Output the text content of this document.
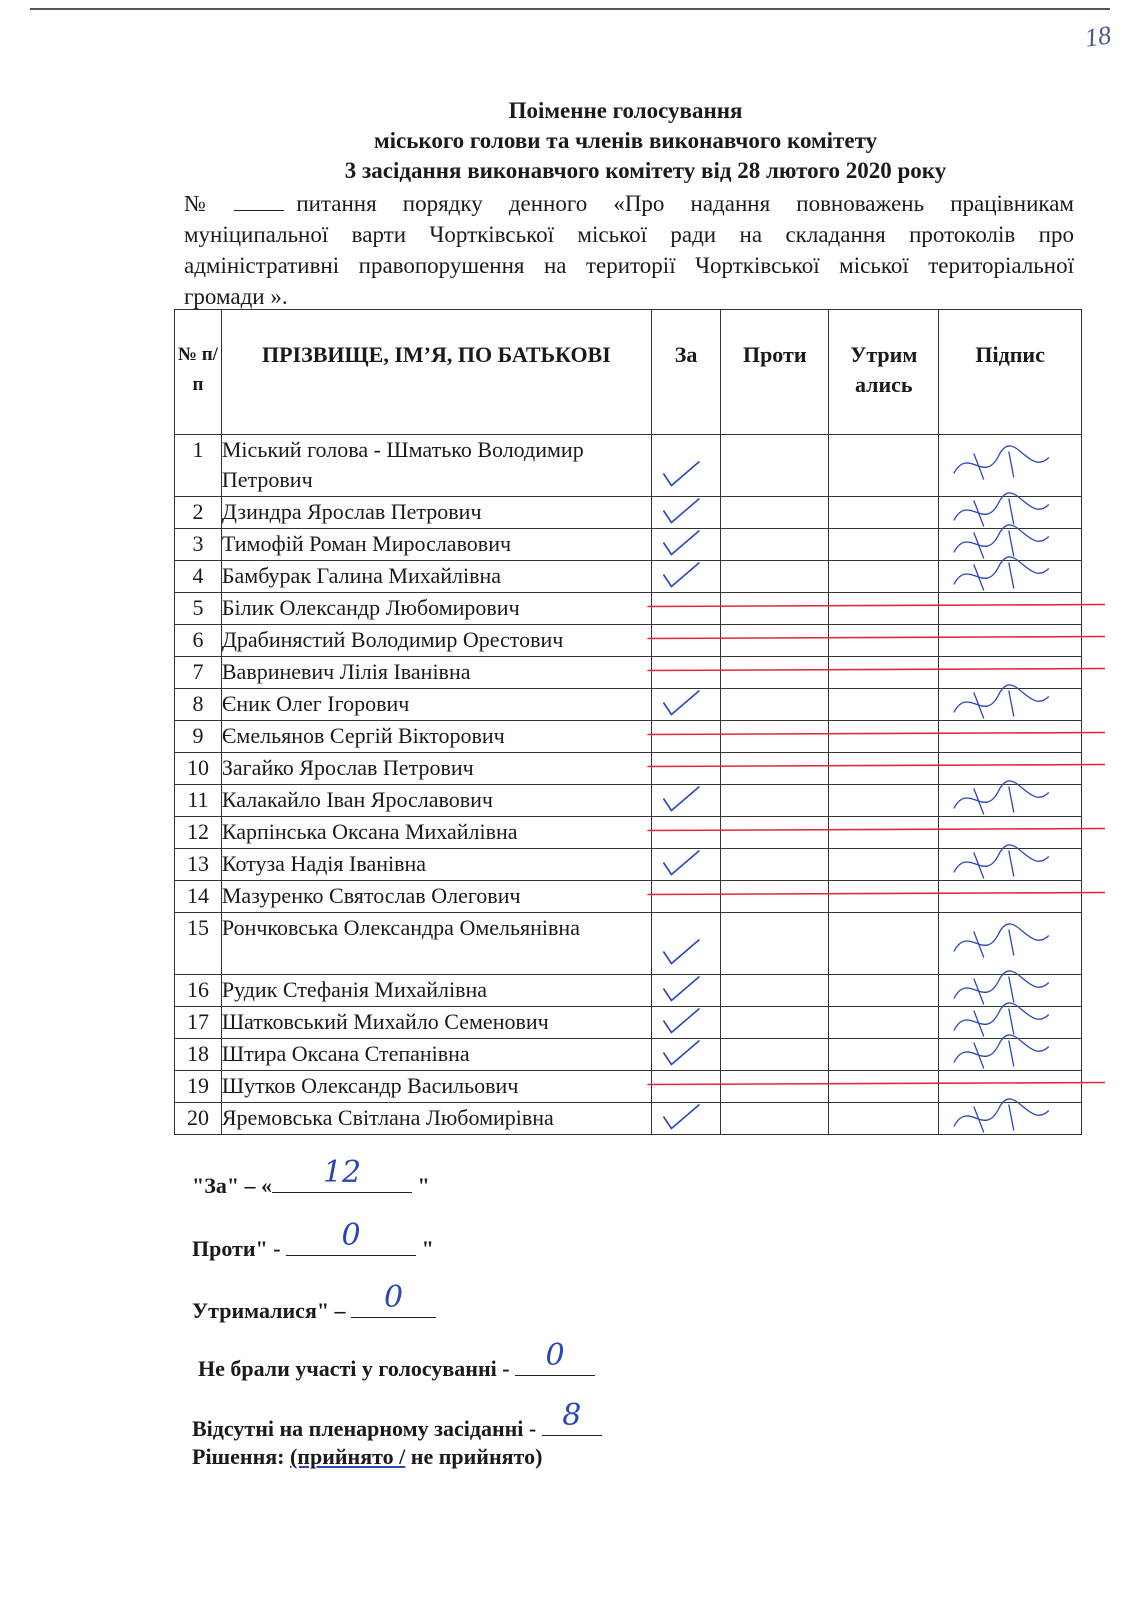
18
Поіменне голосування
міського голови та членів виконавчого комітету
3 засідання виконавчого комітету від 28 лютого 2020 року
№	питання порядку денного «Про надання повноважень працівникам муніципальної варти Чортківської міської ради на складання протоколів про адміністративні правопорушення на території Чортківської міської територіальної громади ».
№ п/ п	ПРІЗВИЩЕ, ІМ’Я, ПО БАТЬКОВІ	За	Проти	Утрим ались	Підпис
1	Міський голова - Шматько Володимир Петрович				
2	Дзиндра Ярослав Петрович				
3	Тимофій Роман Мирославович				
4	Бамбурак Галина Михайлівна				
5	Білик Олександр Любомирович				
6	Драбинястий Володимир Орестович				
7	Вавриневич Лілія Іванівна				
8	Єник Олег Ігорович				
9	Ємельянов Сергій Вікторович				
10	Загайко Ярослав Петрович				
11	Калакайло Іван Ярославович				
12	Карпінська Оксана Михайлівна				
13	Котуза Надія Іванівна				
14	Мазуренко Святослав Олегович				
15	Рончковська Олександра Омельянівна				
16	Рудик Стефанія Михайлівна				
17	Шатковський Михайло Семенович				
18	Штира Оксана Степанівна				
19	Шутков Олександр Васильович				
20	Яремовська Світлана Любомирівна				
"За" – «	12	"
Проти" -	0	"
Утрималися" –	0
Не брали участі у голосуванні -	0
Відсутні на пленарному засіданні - 8
Рішення: (прийнято / не прийнято)
